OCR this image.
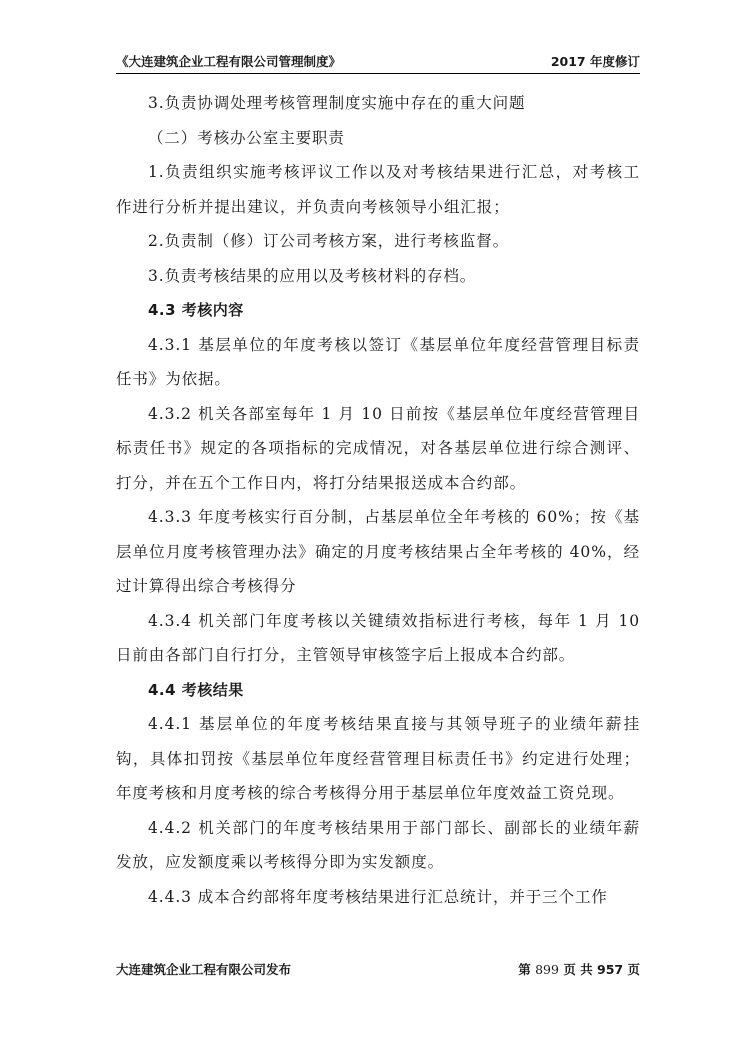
《大连建筑企业工程有限公司管理制度》	2017 年度修订

3.负责协调处理考核管理制度实施中存在的重大问题

（二）考核办公室主要职责

1.负责组织实施考核评议工作以及对考核结果进行汇总，对考核工作进行分析并提出建议，并负责向考核领导小组汇报；

2.负责制（修）订公司考核方案，进行考核监督。

3.负责考核结果的应用以及考核材料的存档。

4.3 考核内容

4.3.1 基层单位的年度考核以签订《基层单位年度经营管理目标责任书》为依据。

4.3.2 机关各部室每年 1 月 10 日前按《基层单位年度经营管理目标责任书》规定的各项指标的完成情况，对各基层单位进行综合测评、打分，并在五个工作日内，将打分结果报送成本合约部。

4.3.3 年度考核实行百分制，占基层单位全年考核的 60%；按《基层单位月度考核管理办法》确定的月度考核结果占全年考核的 40%，经过计算得出综合考核得分

4.3.4 机关部门年度考核以关键绩效指标进行考核，每年 1 月 10 日前由各部门自行打分，主管领导审核签字后上报成本合约部。

4.4 考核结果

4.4.1 基层单位的年度考核结果直接与其领导班子的业绩年薪挂钩，具体扣罚按《基层单位年度经营管理目标责任书》约定进行处理；年度考核和月度考核的综合考核得分用于基层单位年度效益工资兑现。

4.4.2 机关部门的年度考核结果用于部门部长、副部长的业绩年薪发放，应发额度乘以考核得分即为实发额度。

4.4.3 成本合约部将年度考核结果进行汇总统计，并于三个工作

大连建筑企业工程有限公司发布	第 899 页 共 957 页
